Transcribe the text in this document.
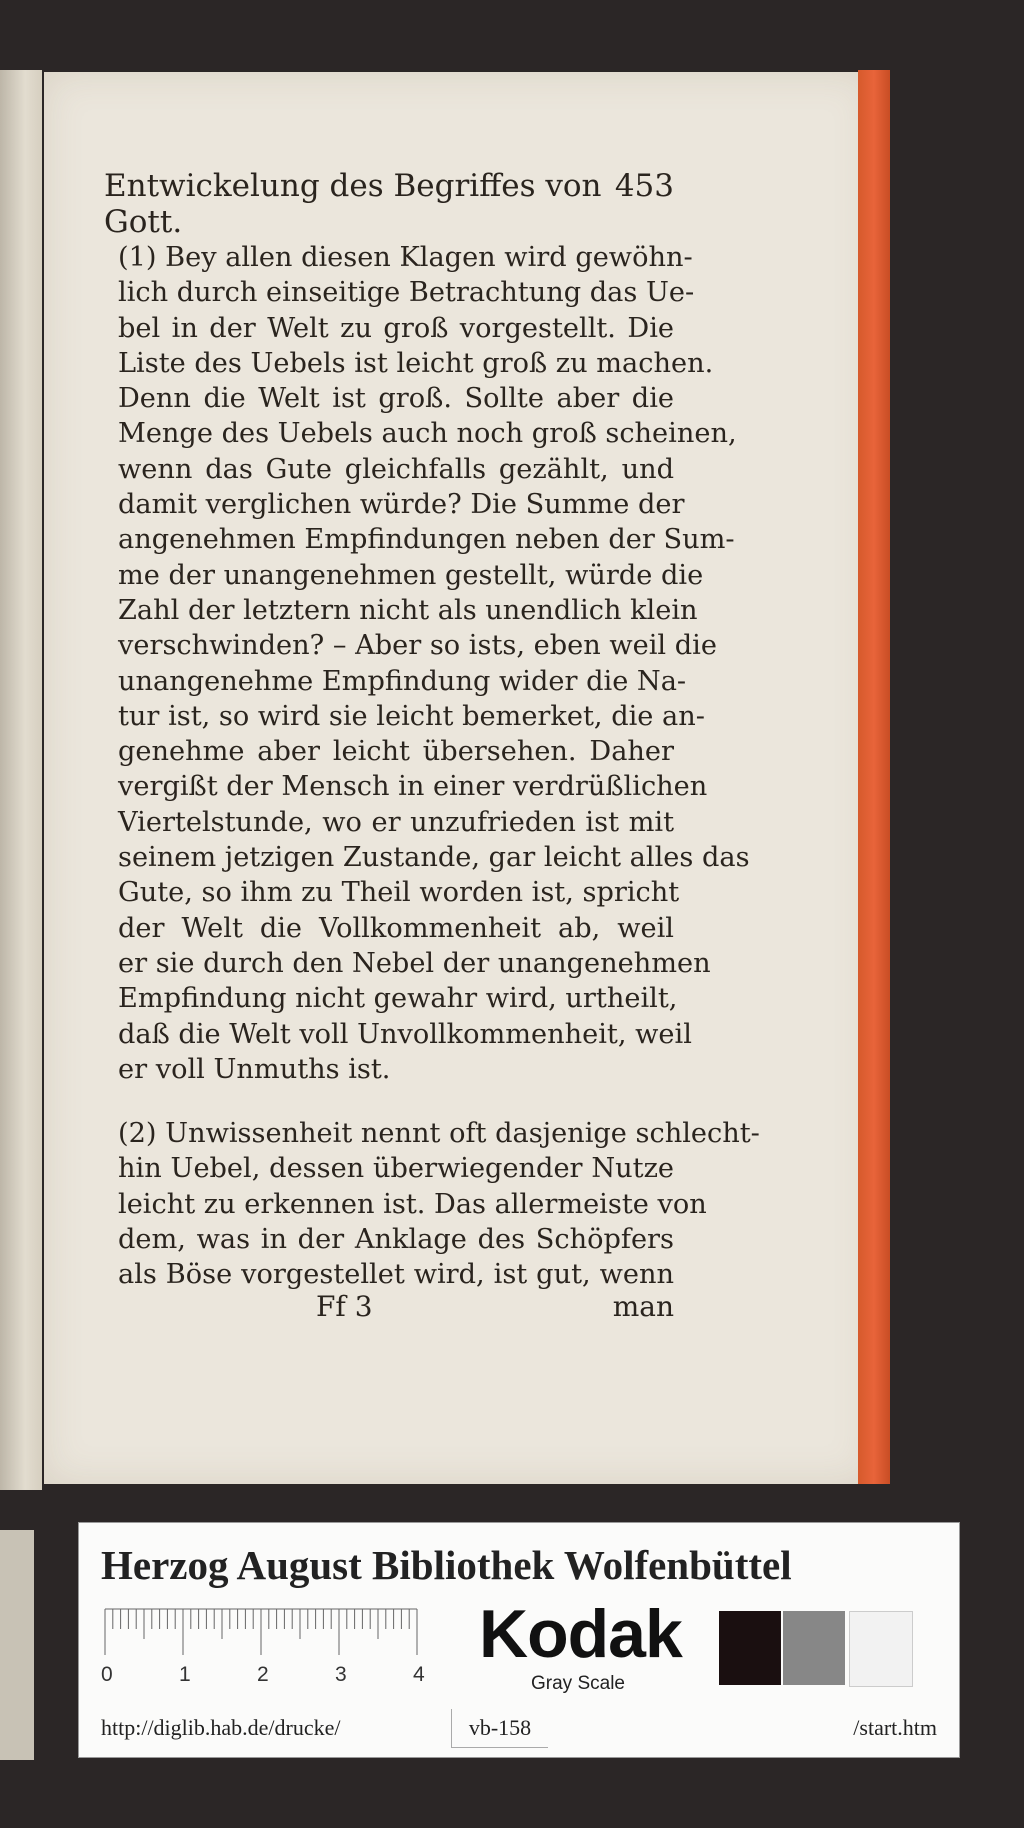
Entwickelung des Begriffes von Gott.
453
(1) Bey allen diesen Klagen wird gewöhn-
lich durch einseitige Betrachtung das Ue-
bel in der Welt zu groß vorgestellt. Die
Liste des Uebels ist leicht groß zu machen.
Denn die Welt ist groß. Sollte aber die
Menge des Uebels auch noch groß scheinen,
wenn das Gute gleichfalls gezählt, und
damit verglichen würde? Die Summe der
angenehmen Empfindungen neben der Sum-
me der unangenehmen gestellt, würde die
Zahl der letztern nicht als unendlich klein
verschwinden? – Aber so ists, eben weil die
unangenehme Empfindung wider die Na-
tur ist, so wird sie leicht bemerket, die an-
genehme aber leicht übersehen. Daher
vergißt der Mensch in einer verdrüßlichen
Viertelstunde, wo er unzufrieden ist mit
seinem jetzigen Zustande, gar leicht alles das
Gute, so ihm zu Theil worden ist, spricht
der Welt die Vollkommenheit ab, weil
er sie durch den Nebel der unangenehmen
Empfindung nicht gewahr wird, urtheilt,
daß die Welt voll Unvollkommenheit, weil
er voll Unmuths ist.
(2) Unwissenheit nennt oft dasjenige schlecht-
hin Uebel, dessen überwiegender Nutze
leicht zu erkennen ist. Das allermeiste von
dem, was in der Anklage des Schöpfers
als Böse vorgestellet wird, ist gut, wenn
Ff 3	man
Herzog August Bibliothek Wolfenbüttel
0	1	2	3	4
Kodak
Gray Scale
http://diglib.hab.de/drucke/	vb-158	/start.htm
